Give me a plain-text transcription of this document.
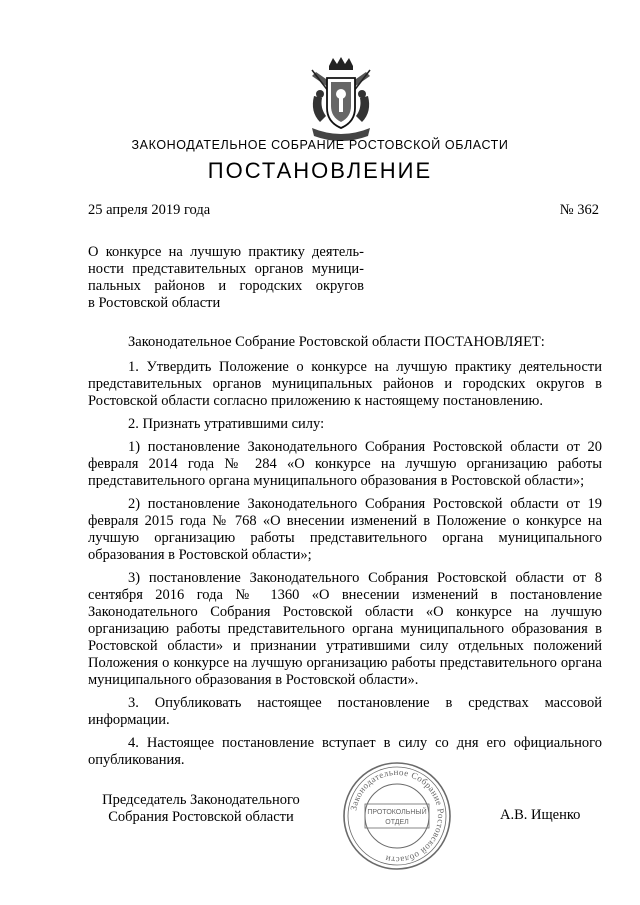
ЗАКОНОДАТЕЛЬНОЕ СОБРАНИЕ РОСТОВСКОЙ ОБЛАСТИ
ПОСТАНОВЛЕНИЕ
25 апреля 2019 года	№ 362
О конкурсе на лучшую практику деятель-
ности представительных органов муници-
пальных районов и городских округов
в Ростовской области

Законодательное Собрание Ростовской области ПОСТАНОВЛЯЕТ:

1. Утвердить Положение о конкурсе на лучшую практику деятельности представительных органов муниципальных районов и городских округов в Ростовской области согласно приложению к настоящему постановлению.

2. Признать утратившими силу:

1) постановление Законодательного Собрания Ростовской области от 20 февраля 2014 года № 284 «О конкурсе на лучшую организацию работы представительного органа муниципального образования в Ростовской области»;

2) постановление Законодательного Собрания Ростовской области от 19 февраля 2015 года № 768 «О внесении изменений в Положение о конкурсе на лучшую организацию работы представительного органа муниципального образования в Ростовской области»;

3) постановление Законодательного Собрания Ростовской области от 8 сентября 2016 года № 1360 «О внесении изменений в постановление Законодательного Собрания Ростовской области «О конкурсе на лучшую организацию работы представительного органа муниципального образования в Ростовской области» и признании утратившими силу отдельных положений Положения о конкурсе на лучшую организацию работы представительного органа муниципального образования в Ростовской области».

3. Опубликовать настоящее постановление в средствах массовой информации.

4. Настоящее постановление вступает в силу со дня его официального опубликования.

Председатель Законодательного
Собрания Ростовской области
Законодательное Собрание Ростовской области
ПРОТОКОЛЬНЫЙ
ОТДЕЛ	А.В. Ищенко
